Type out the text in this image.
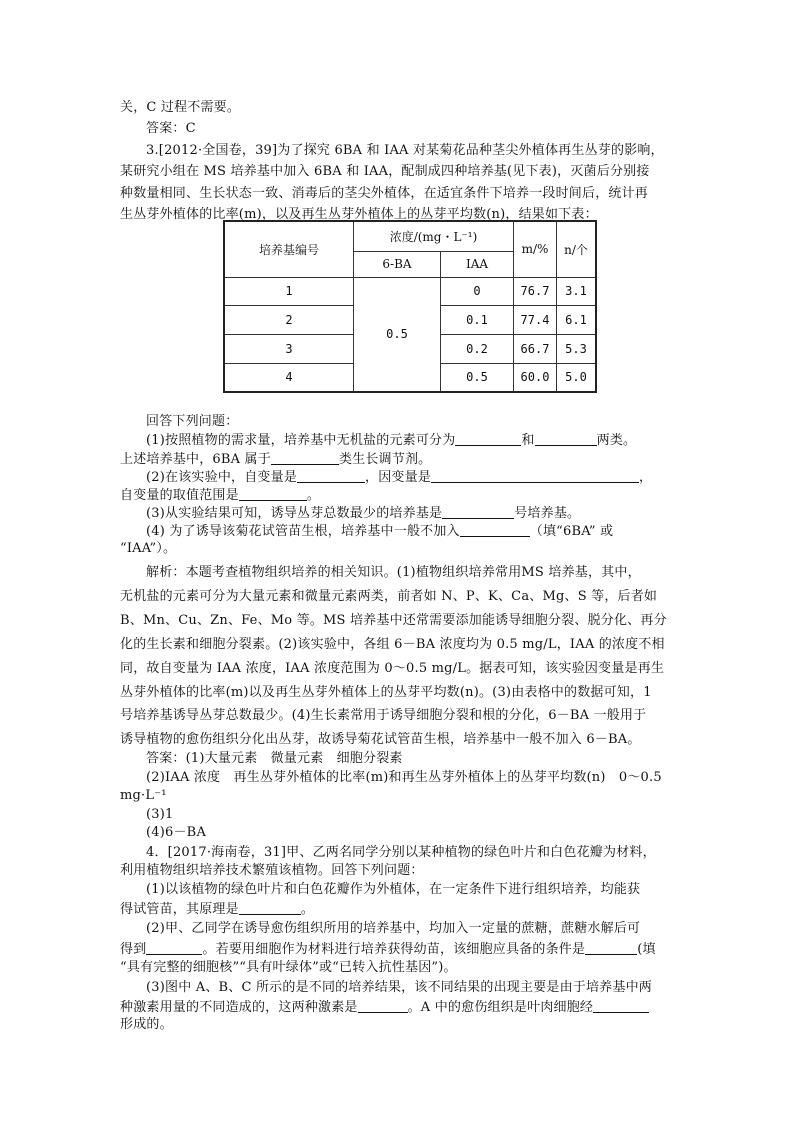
关，C 过程不需要。
答案：C
3.[2012·全国卷，39]为了探究 6BA 和 IAA 对某菊花品种茎尖外植体再生丛芽的影响，
某研究小组在 MS 培养基中加入 6BA 和 IAA，配制成四种培养基(见下表)，灭菌后分别接
种数量相同、生长状态一致、消毒后的茎尖外植体，在适宜条件下培养一段时间后，统计再
生丛芽外植体的比率(m)，以及再生丛芽外植体上的丛芽平均数(n)，结果如下表：
培养基编号	浓度/(mg・L⁻¹)		m/%	n/个
	6-BA	IAA		
1	0.5	0	76.7	3.1
2		0.1	77.4	6.1
3		0.2	66.7	5.3
4		0.5	60.0	5.0
回答下列问题：
(1)按照植物的需求量，培养基中无机盐的元素可分为	和	两类。
上述培养基中，6BA 属于	类生长调节剂。
(2)在该实验中，自变量是	，因变量是	，
自变量的取值范围是	。
(3)从实验结果可知，诱导丛芽总数最少的培养基是	号培养基。
(4) 为了诱导该菊花试管苗生根，培养基中一般不加入	（填“6BA” 或
“IAA”）。
解析：本题考查植物组织培养的相关知识。(1)植物组织培养常用MS 培养基，其中，
无机盐的元素可分为大量元素和微量元素两类，前者如 N、P、K、Ca、Mg、S 等，后者如
B、Mn、Cu、Zn、Fe、Mo 等。MS 培养基中还常需要添加能诱导细胞分裂、脱分化、再分
化的生长素和细胞分裂素。(2)该实验中，各组 6－BA 浓度均为 0.5 mg/L，IAA 的浓度不相
同，故自变量为 IAA 浓度，IAA 浓度范围为 0～0.5 mg/L。据表可知，该实验因变量是再生
丛芽外植体的比率(m)以及再生丛芽外植体上的丛芽平均数(n)。(3)由表格中的数据可知，1
号培养基诱导丛芽总数最少。(4)生长素常用于诱导细胞分裂和根的分化，6－BA 一般用于
诱导植物的愈伤组织分化出丛芽，故诱导菊花试管苗生根，培养基中一般不加入 6－BA。
答案：(1)大量元素　微量元素　细胞分裂素
(2)IAA 浓度　再生丛芽外植体的比率(m)和再生丛芽外植体上的丛芽平均数(n)　0～0.5
mg·L⁻¹
(3)1
(4)6－BA
4．[2017·海南卷，31]甲、乙两名同学分别以某种植物的绿色叶片和白色花瓣为材料，
利用植物组织培养技术繁殖该植物。回答下列问题：
(1)以该植物的绿色叶片和白色花瓣作为外植体，在一定条件下进行组织培养，均能获
得试管苗，其原理是	。
(2)甲、乙同学在诱导愈伤组织所用的培养基中，均加入一定量的蔗糖，蔗糖水解后可
得到	。若要用细胞作为材料进行培养获得幼苗，该细胞应具备的条件是	(填
“具有完整的细胞核”“具有叶绿体”或“已转入抗性基因”)。
(3)图中 A、B、C 所示的是不同的培养结果，该不同结果的出现主要是由于培养基中两
种激素用量的不同造成的，这两种激素是	。A 中的愈伤组织是叶肉细胞经
形成的。
